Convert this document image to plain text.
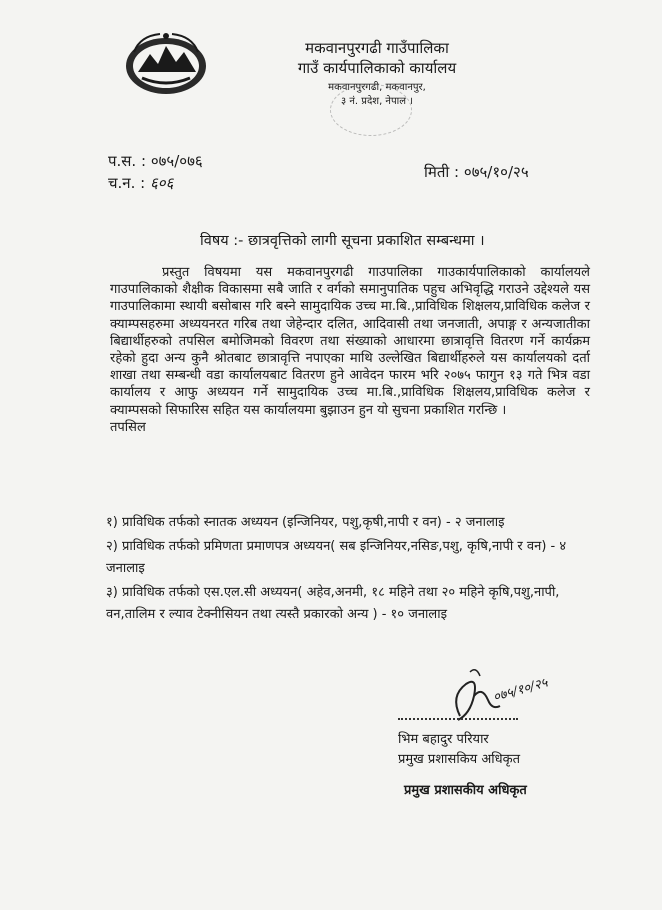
मकवानपुरगढी गाउँपालिका
गाउँ कार्यपालिकाको कार्यालय
मकवानपुरगढी, मकवानपुर,
३ नं. प्रदेश, नेपाल ।
प.स. : ०७५/०७६
च.न. : ६०६
मिती : ०७५/१०/२५
विषय :- छात्रवृत्तिको लागी सूचना प्रकाशित सम्बन्धमा ।
प्रस्तुत विषयमा यस मकवानपुरगढी गाउपालिका गाउकार्यपालिकाको कार्यालयले गाउपालिकाको शैक्षीक विकासमा सबै जाति र वर्गको समानुपातिक पहुच अभिवृद्धि गराउने उद्देश्यले यस गाउपालिकामा स्थायी बसोबास गरि बस्ने सामुदायिक उच्च मा.बि.,प्राविधिक शिक्षलय,प्राविधिक कलेज र क्याम्पसहरुमा अध्ययनरत गरिब तथा जेहेन्दार दलित, आदिवासी तथा जनजाती, अपाङ्ग र अन्यजातीका बिद्यार्थीहरुको तपसिल बमोजिमको विवरण तथा संख्याको आधारमा छात्रावृत्ति वितरण गर्ने कार्यक्रम रहेको हुदा अन्य कुनै श्रोतबाट छात्रावृत्ति नपाएका माथि उल्लेखित बिद्यार्थीहरुले यस कार्यालयको दर्ता शाखा तथा सम्बन्धी वडा कार्यालयबाट वितरण हुने आवेदन फारम भरि २०७५ फागुन १३ गते भित्र वडा कार्यालय र आफु अध्ययन गर्ने सामुदायिक उच्च मा.बि.,प्राविधिक शिक्षलय,प्राविधिक कलेज र क्याम्पसको सिफारिस सहित यस कार्यालयमा बुझाउन हुन यो सुचना प्रकाशित गरन्छि ।
तपसिल
१) प्राविधिक तर्फको स्नातक अध्ययन (इन्जिनियर, पशु,कृषी,नापी र वन) - २ जनालाइ
२) प्राविधिक तर्फको प्रमिणता प्रमाणपत्र अध्ययन( सब इन्जिनियर,नसिङ,पशु, कृषि,नापी र वन) - ४ जनालाइ
३) प्राविधिक तर्फको एस.एल.सी अध्ययन( अहेव,अनमी, १८ महिने तथा २० महिने कृषि,पशु,नापी, वन,तालिम र ल्याव टेक्नीसियन तथा त्यस्तै प्रकारको अन्य ) - १० जनालाइ
०७५/१०/२५
भिम बहादुर परियार
प्रमुख प्रशासकिय अधिकृत
प्रमुख प्रशासकीय अधिकृत
